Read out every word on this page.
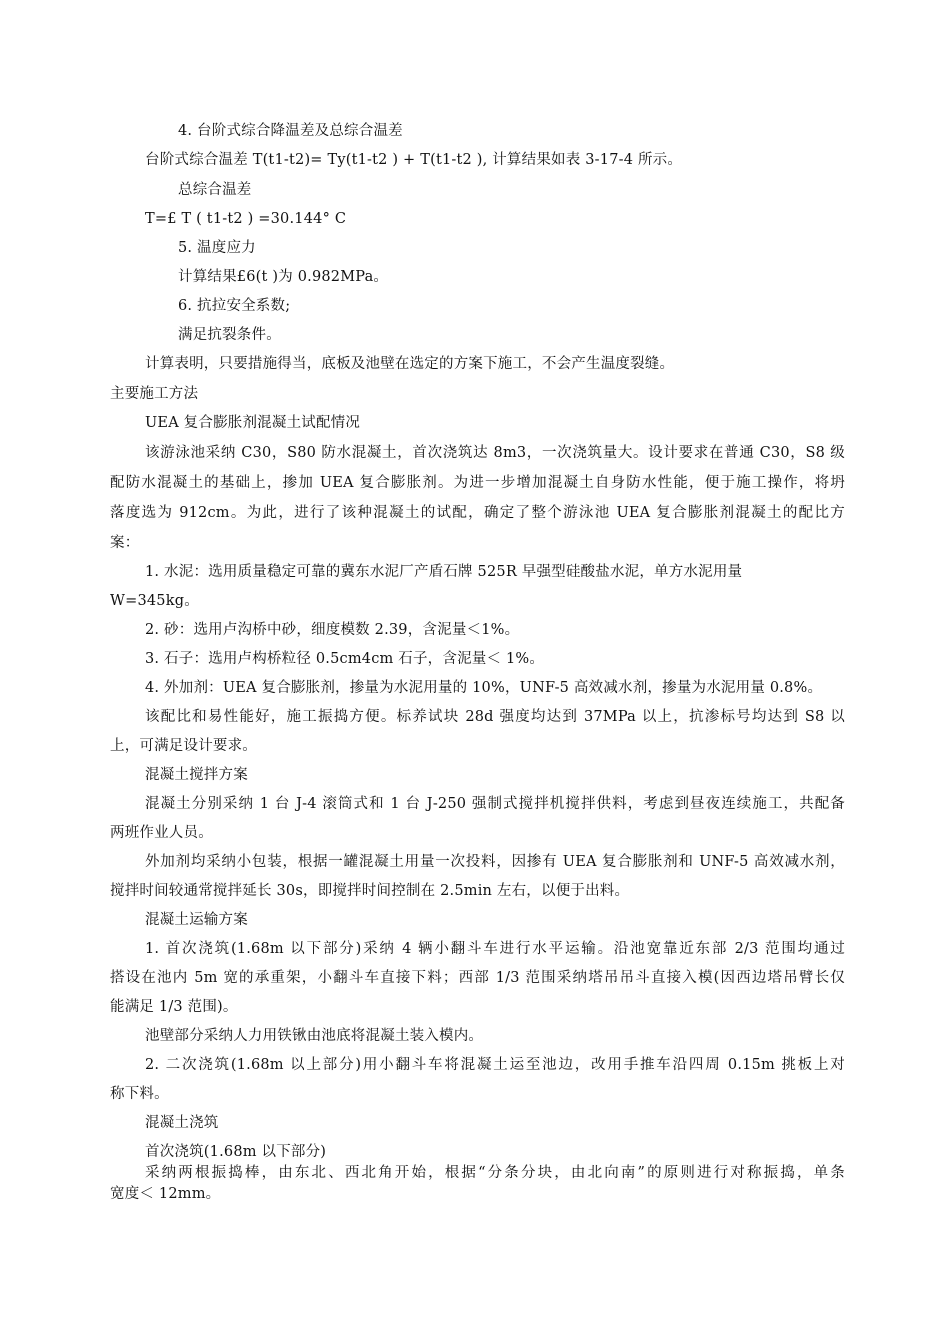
4. 台阶式综合降温差及总综合温差
台阶式综合温差 T(t1-t2)= Ty(t1-t2 ) + T(t1-t2 ), 计算结果如表 3-17-4 所示。
总综合温差
T=£ T ( t1-t2 ) =30.144° C
5. 温度应力
计算结果£6(t )为 0.982MPa。
6. 抗拉安全系数;
满足抗裂条件。
计算表明，只要措施得当，底板及池壁在选定的方案下施工，不会产生温度裂缝。
主要施工方法
UEA 复合膨胀剂混凝土试配情况
该游泳池采纳 C30，S80 防水混凝土，首次浇筑达 8m3，一次浇筑量大。设计要求在普通 C30，S8 级
配防水混凝土的基础上，掺加 UEA 复合膨胀剂。为进一步增加混凝土自身防水性能，便于施工操作，将坍
落度选为 912cm。为此，进行了该种混凝土的试配，确定了整个游泳池 UEA 复合膨胀剂混凝土的配比方
案：
1. 水泥：选用质量稳定可靠的冀东水泥厂产盾石牌 525R 早强型硅酸盐水泥，单方水泥用量
W=345kg。
2. 砂：选用卢沟桥中砂，细度模数 2.39，含泥量＜1%。
3. 石子：选用卢构桥粒径 0.5cm4cm 石子，含泥量＜ 1%。
4. 外加剂：UEA 复合膨胀剂，掺量为水泥用量的 10%，UNF-5 高效减水剂，掺量为水泥用量 0.8%。
该配比和易性能好，施工振捣方便。标养试块 28d 强度均达到 37MPa 以上，抗渗标号均达到 S8 以
上，可满足设计要求。
混凝土搅拌方案
混凝土分别采纳 1 台 J-4 滚筒式和 1 台 J-250 强制式搅拌机搅拌供料，考虑到昼夜连续施工，共配备
两班作业人员。
外加剂均采纳小包装，根据一罐混凝土用量一次投料，因掺有 UEA 复合膨胀剂和 UNF-5 高效减水剂，
搅拌时间较通常搅拌延长 30s，即搅拌时间控制在 2.5min 左右，以便于出料。
混凝土运输方案
1. 首次浇筑(1.68m 以下部分)采纳 4 辆小翻斗车进行水平运输。沿池宽靠近东部 2/3 范围均通过
搭设在池内 5m 宽的承重架，小翻斗车直接下料；西部 1/3 范围采纳塔吊吊斗直接入模(因西边塔吊臂长仅
能满足 1/3 范围)。
池壁部分采纳人力用铁锹由池底将混凝土装入模内。
2. 二次浇筑(1.68m 以上部分)用小翻斗车将混凝土运至池边，改用手推车沿四周 0.15m 挑板上对
称下料。
混凝土浇筑
首次浇筑(1.68m 以下部分)
采纳两根振捣棒，由东北、西北角开始，根据“分条分块，由北向南”的原则进行对称振捣，单条
宽度＜ 12mm。
